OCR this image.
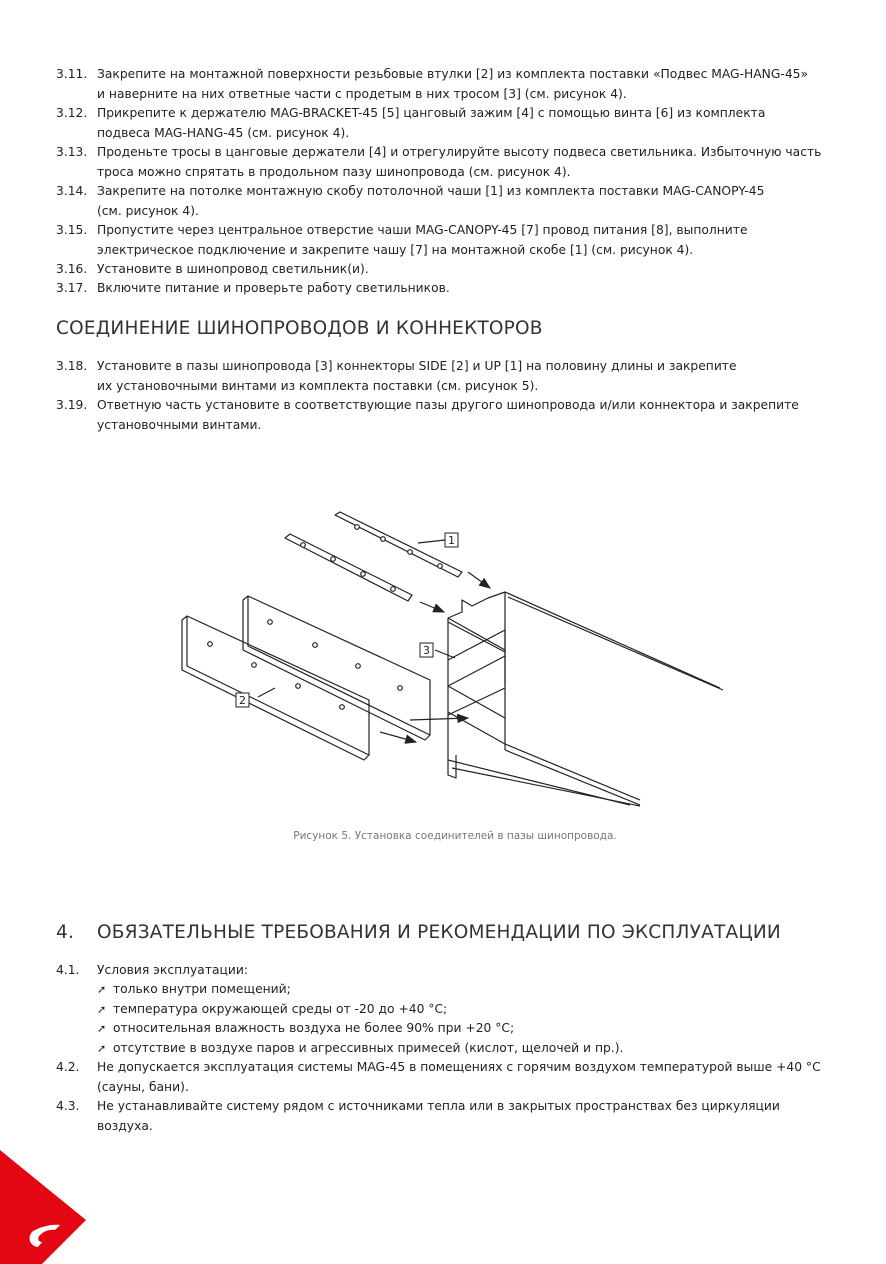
3.11. Закрепите на монтажной поверхности резьбовые втулки [2] из комплекта поставки «Подвес MAG-HANG-45»
и наверните на них ответные части с продетым в них тросом [3] (см. рисунок 4).
3.12. Прикрепите к держателю MAG-BRACKET-45 [5] цанговый зажим [4] с помощью винта [6] из комплекта
подвеса MAG-HANG-45 (см. рисунок 4).
3.13. Проденьте тросы в цанговые держатели [4] и отрегулируйте высоту подвеса светильника. Избыточную часть
троса можно спрятать в продольном пазу шинопровода (см. рисунок 4).
3.14. Закрепите на потолке монтажную скобу потолочной чаши [1] из комплекта поставки MAG-CANOPY-45
(см. рисунок 4).
3.15. Пропустите через центральное отверстие чаши MAG-CANOPY-45 [7] провод питания [8], выполните
электрическое подключение и закрепите чашу [7] на монтажной скобе [1] (см. рисунок 4).
3.16. Установите в шинопровод светильник(и).
3.17. Включите питание и проверьте работу светильников.
СОЕДИНЕНИЕ ШИНОПРОВОДОВ И КОННЕКТОРОВ
3.18. Установите в пазы шинопровода [3] коннекторы SIDE [2] и UP [1] на половину длины и закрепите
их установочными винтами из комплекта поставки (см. рисунок 5).
3.19. Ответную часть установите в соответствующие пазы другого шинопровода и/или коннектора и закрепите
установочными винтами.
1
2
3
Рисунок 5. Установка соединителей в пазы шинопровода.
4. ОБЯЗАТЕЛЬНЫЕ ТРЕБОВАНИЯ И РЕКОМЕНДАЦИИ ПО ЭКСПЛУАТАЦИИ
4.1. Условия эксплуатации:
➚ только внутри помещений;
➚ температура окружающей среды от -20 до +40 °С;
➚ относительная влажность воздуха не более 90% при +20 °С;
➚ отсутствие в воздухе паров и агрессивных примесей (кислот, щелочей и пр.).
4.2. Не допускается эксплуатация системы MAG-45 в помещениях с горячим воздухом температурой выше +40 °С
(сауны, бани).
4.3. Не устанавливайте систему рядом с источниками тепла или в закрытых пространствах без циркуляции
воздуха.
